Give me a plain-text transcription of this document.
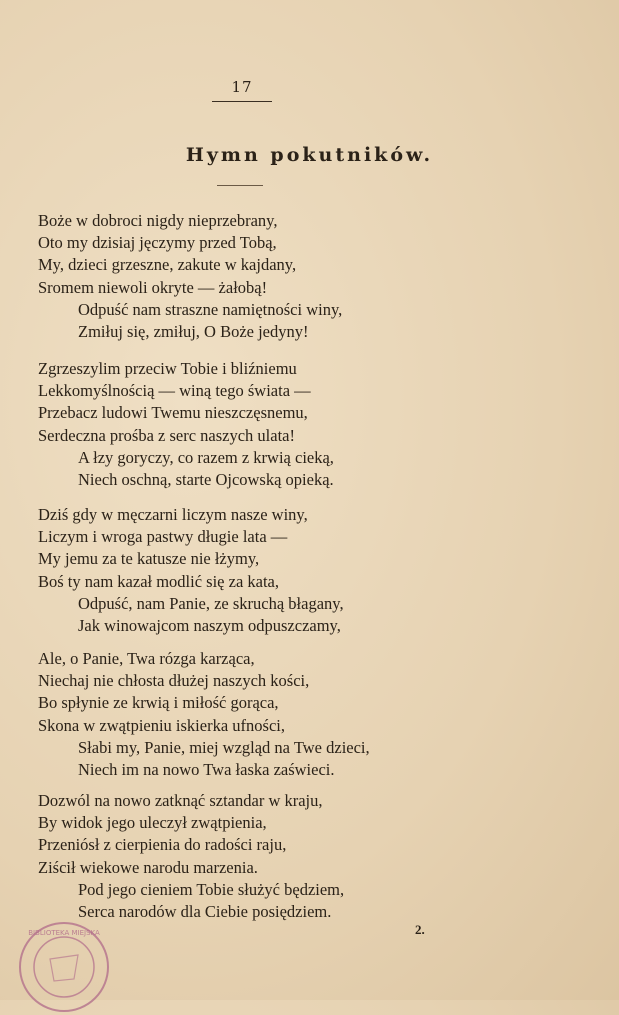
17
Hymn pokutników.
Boże w dobroci nigdy nieprzebrany,
Oto my dzisiaj jęczymy przed Tobą,
My, dzieci grzeszne, zakute w kajdany,
Sromem niewoli okryte — żałobą!
Odpuść nam straszne namiętności winy,
Zmiłuj się, zmiłuj, O Boże jedyny!
Zgrzeszylim przeciw Tobie i bliźniemu
Lekkomyślnością — winą tego świata —
Przebacz ludowi Twemu nieszczęsnemu,
Serdeczna prośba z serc naszych ulata!
A łzy goryczy, co razem z krwią cieką,
Niech oschną, starte Ojcowską opieką.
Dziś gdy w męczarni liczym nasze winy,
Liczym i wroga pastwy długie lata —
My jemu za te katusze nie łżymy,
Boś ty nam kazał modlić się za kata,
Odpuść, nam Panie, ze skruchą błagany,
Jak winowajcom naszym odpuszczamy,
Ale, o Panie, Twa rózga karząca,
Niechaj nie chłosta dłużej naszych kości,
Bo spłynie ze krwią i miłość gorąca,
Skona w zwątpieniu iskierka ufności,
Słabi my, Panie, miej wzgląd na Twe dzieci,
Niech im na nowo Twa łaska zaświeci.
Dozwól na nowo zatknąć sztandar w kraju,
By widok jego uleczył zwątpienia,
Przeniósł z cierpienia do radości raju,
Ziścił wiekowe narodu marzenia.
Pod jego cieniem Tobie służyć będziem,
Serca narodów dla Ciebie posiędziem.
2.
BIBLIOTEKA MIEJSKA
